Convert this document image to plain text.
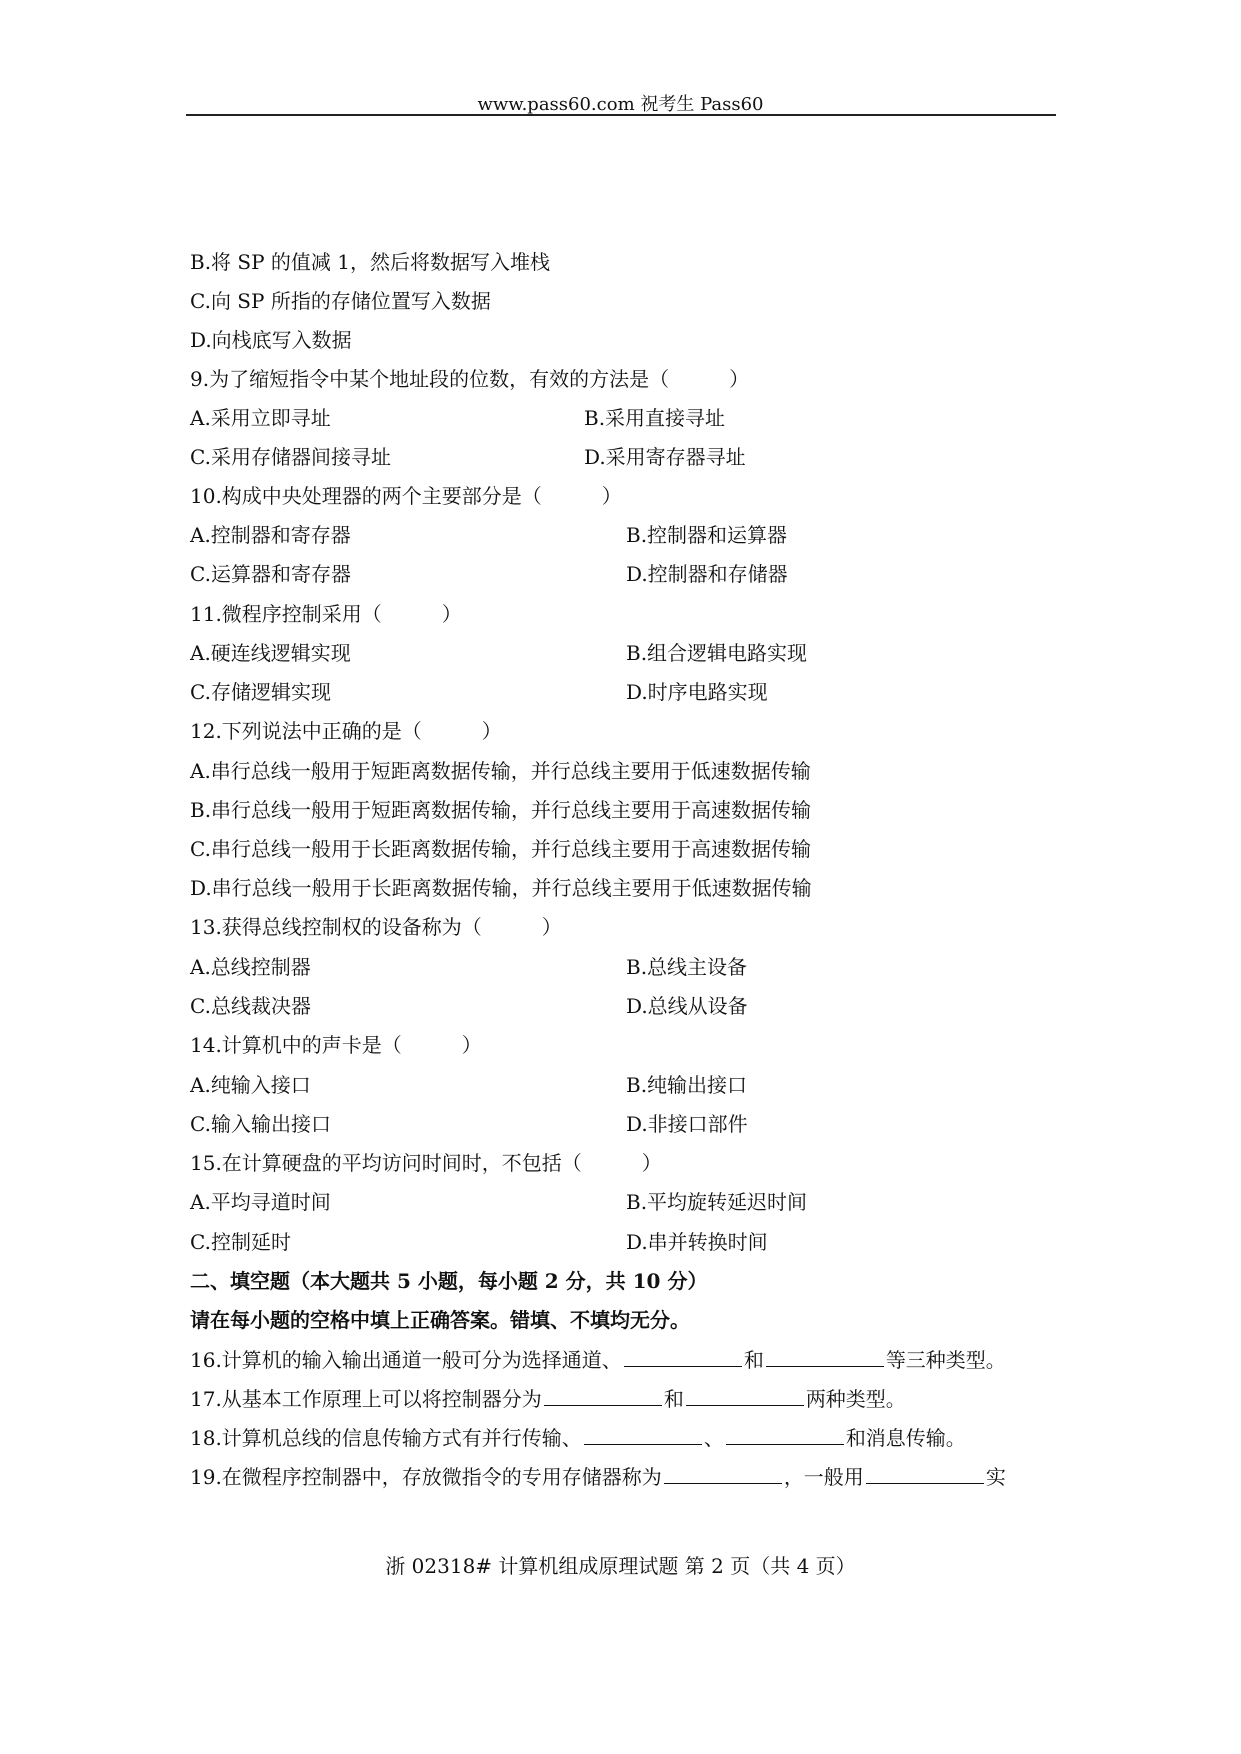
www.pass60.com 祝考生 Pass60
B.将 SP 的值减 1，然后将数据写入堆栈
C.向 SP 所指的存储位置写入数据
D.向栈底写入数据
9.为了缩短指令中某个地址段的位数，有效的方法是（　　　）
A.采用立即寻址	B.采用直接寻址
C.采用存储器间接寻址	D.采用寄存器寻址
10.构成中央处理器的两个主要部分是（　　　）
A.控制器和寄存器	B.控制器和运算器
C.运算器和寄存器	D.控制器和存储器
11.微程序控制采用（　　　）
A.硬连线逻辑实现	B.组合逻辑电路实现
C.存储逻辑实现	D.时序电路实现
12.下列说法中正确的是（　　　）
A.串行总线一般用于短距离数据传输，并行总线主要用于低速数据传输
B.串行总线一般用于短距离数据传输，并行总线主要用于高速数据传输
C.串行总线一般用于长距离数据传输，并行总线主要用于高速数据传输
D.串行总线一般用于长距离数据传输，并行总线主要用于低速数据传输
13.获得总线控制权的设备称为（　　　）
A.总线控制器	B.总线主设备
C.总线裁决器	D.总线从设备
14.计算机中的声卡是（　　　）
A.纯输入接口	B.纯输出接口
C.输入输出接口	D.非接口部件
15.在计算硬盘的平均访问时间时，不包括（　　　）
A.平均寻道时间	B.平均旋转延迟时间
C.控制延时	D.串并转换时间
二、填空题（本大题共 5 小题，每小题 2 分，共 10 分）
请在每小题的空格中填上正确答案。错填、不填均无分。
16.计算机的输入输出通道一般可分为选择通道、	和	等三种类型。
17.从基本工作原理上可以将控制器分为	和	两种类型。
18.计算机总线的信息传输方式有并行传输、	、	和消息传输。
19.在微程序控制器中，存放微指令的专用存储器称为	，一般用	实
浙 02318# 计算机组成原理试题 第 2 页（共 4 页）
